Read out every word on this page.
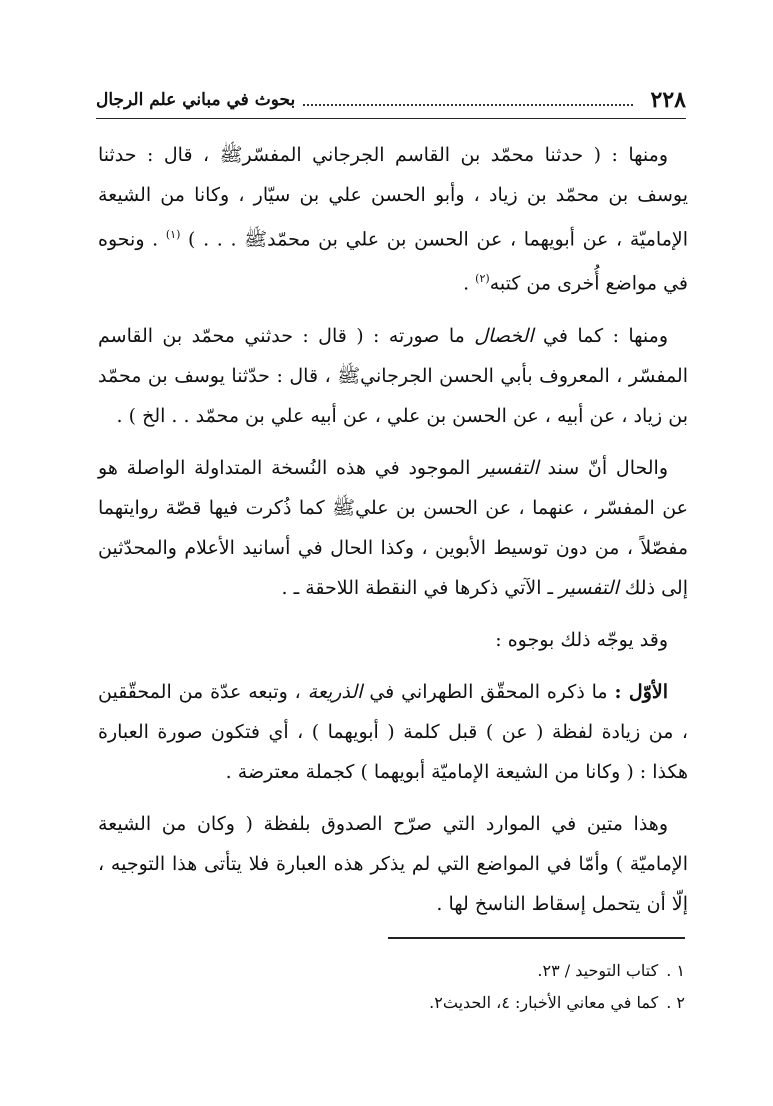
٢٢٨
بحوث في مباني علم الرجال

ومنها : ( حدثنا محمّد بن القاسم الجرجاني المفسّرﷺ ، قال : حدثنا يوسف بن محمّد بن زياد ، وأبو الحسن علي بن سيّار ، وكانا من الشيعة الإماميّة ، عن أبويهما ، عن الحسن بن علي بن محمّدﷺ . . . ) $^{(١)}$ . ونحوه في مواضع أُخرى من كتبه$^{(٢)}$ .

ومنها : كما في الخصال ما صورته : ( قال : حدثني محمّد بن القاسم المفسّر ، المعروف بأبي الحسن الجرجانيﷺ ، قال : حدّثنا يوسف بن محمّد بن زياد ، عن أبيه ، عن الحسن بن علي ، عن أبيه علي بن محمّد . . الخ ) .

والحال أنّ سند التفسير الموجود في هذه النُسخة المتداولة الواصلة هو عن المفسّر ، عنهما ، عن الحسن بن عليﷺ كما ذُكرت فيها قصّة روايتهما مفصّلاً ، من دون توسيط الأبوين ، وكذا الحال في أسانيد الأعلام والمحدّثين إلى ذلك التفسير ـ الآتي ذكرها في النقطة اللاحقة ـ .

وقد يوجّه ذلك بوجوه :

الأوّل : ما ذكره المحقّق الطهراني في الذريعة ، وتبعه عدّة من المحقّقين ، من زيادة لفظة ( عن ) قبل كلمة ( أبويهما ) ، أي فتكون صورة العبارة هكذا : ( وكانا من الشيعة الإماميّة أبويهما ) كجملة معترضة .

وهذا متين في الموارد التي صرّح الصدوق بلفظة ( وكان من الشيعة الإماميّة ) وأمّا في المواضع التي لم يذكر هذه العبارة فلا يتأتى هذا التوجيه ، إلّا أن يتحمل إسقاط الناسخ لها .

١ .
كتاب التوحيد / ٢٣.
٢ .
كما في معاني الأخبار: ٤، الحديث٢.
